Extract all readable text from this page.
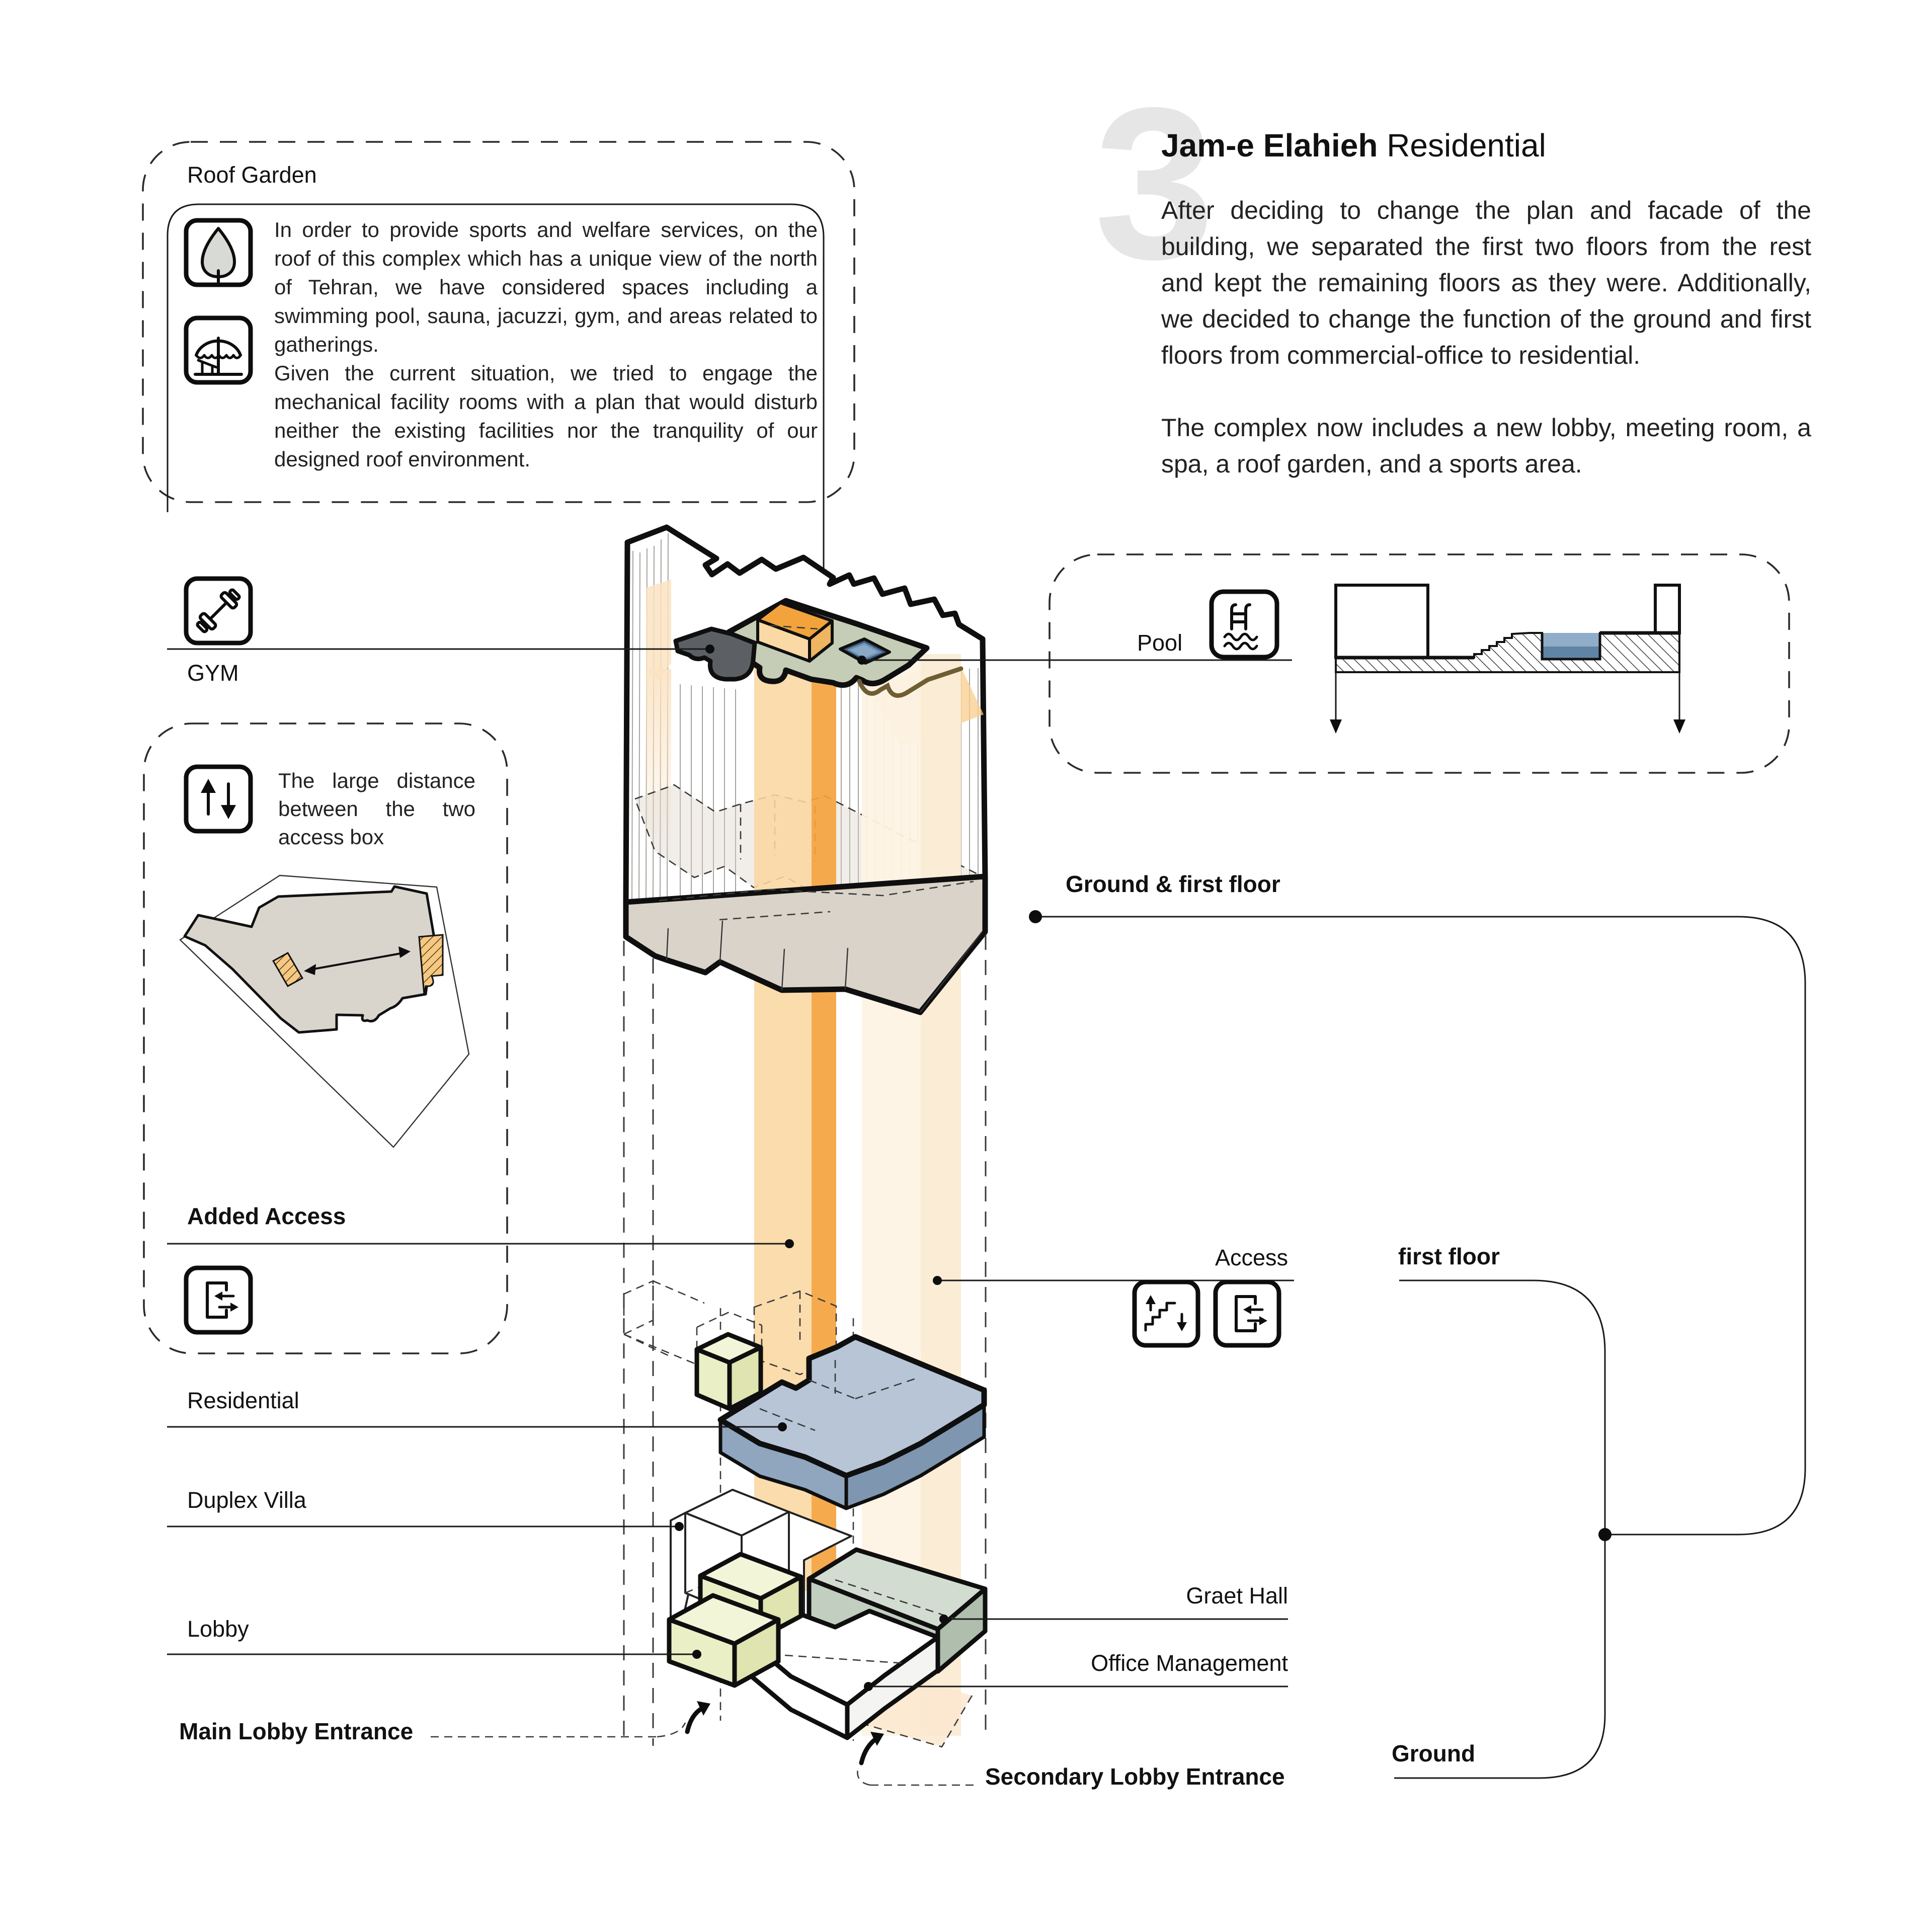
3
Jam-e Elahieh Residential
After deciding to change the plan and facade of the building, we separated the first two floors from the rest and kept the remaining floors as they were. Additionally, we decided to change the function of the ground and first floors from commercial-office to residential.
The complex now includes a new lobby, meeting room, a spa, a roof garden, and a sports area.
Roof Garden
In order to provide sports and welfare services, on the roof of this complex which has a unique view of the north of Tehran, we have considered spaces including a swimming pool, sauna, jacuzzi, gym, and areas related to gatherings.
Given the current situation, we tried to engage the mechanical facility rooms with a plan that would disturb neither the existing facilities nor the tranquility of our designed roof environment.
GYM
The large distance between the two access box
Added Access
Residential
Duplex Villa
Lobby
Main Lobby Entrance
Pool
Ground & first floor
Access	first floor
Graet Hall
Office Management
Ground
Secondary Lobby Entrance
